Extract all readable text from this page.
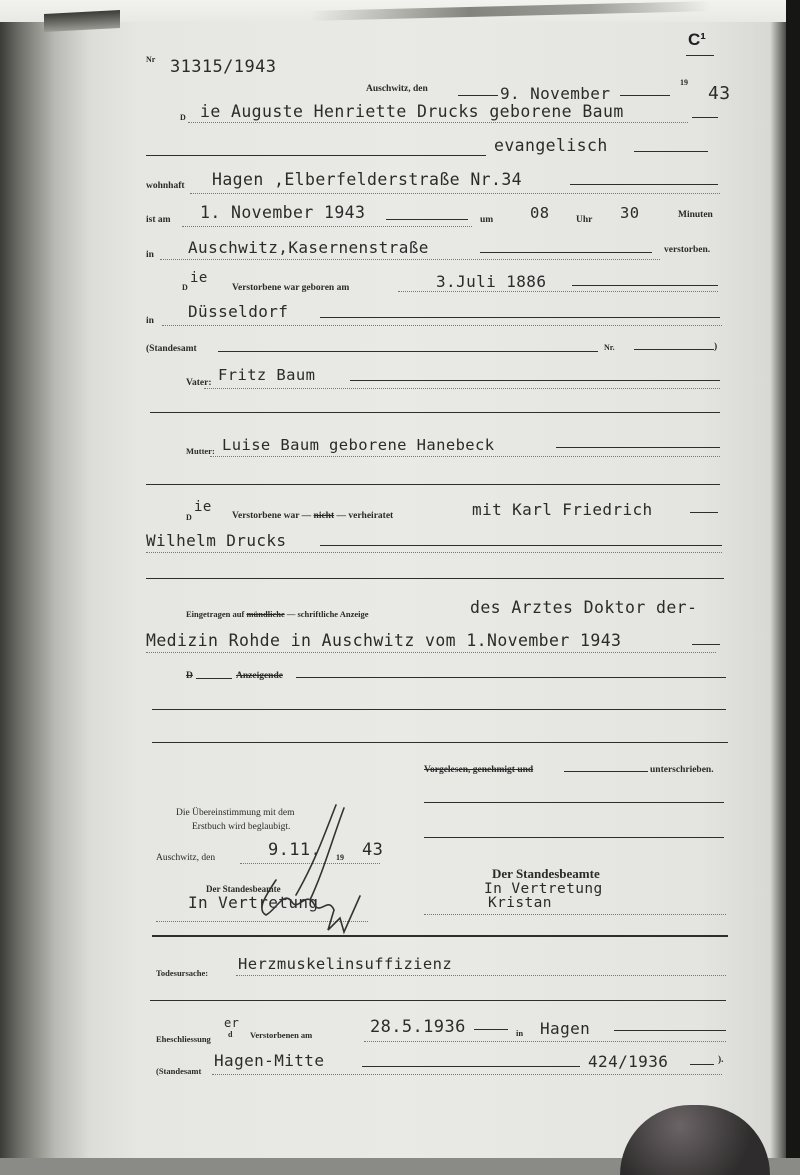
C¹
Nr 31315/1943
Auschwitz, den	9. November
19
43
D ie Auguste Henriette Drucks geborene Baum
evangelisch
wohnhaft Hagen ,Elberfelderstraße Nr.34
ist am 1. November 1943	um 08	Uhr 30	Minuten
in Auschwitz,Kasernenstraße	verstorben.
D
ie
Verstorbene war geboren am	3.Juli 1886
in Düsseldorf
(Standesamt	Nr.	)
Vater: Fritz Baum
Mutter: Luise Baum geborene Hanebeck
D
ie
Verstorbene war — nicht — verheiratet	mit Karl Friedrich
Wilhelm Drucks
Eingetragen auf mündliche — schriftliche Anzeige	des Arztes Doktor der-
Medizin Rohde in Auschwitz vom 1.November 1943
D	Anzeigende
Vorgelesen, genehmigt und	unterschrieben.
Die Übereinstimmung mit dem
Erstbuch wird beglaubigt.
Auschwitz, den	9.11. 19 43
Der Standesbeamte
In Vertretung
Der Standesbeamte
In Vertretung
Kristan
Todesursache: Herzmuskelinsuffizienz
Eheschliessung
er
d Verstorbenen am	28.5.1936	in Hagen
(Standesamt
Hagen-Mitte	424/1936	).
